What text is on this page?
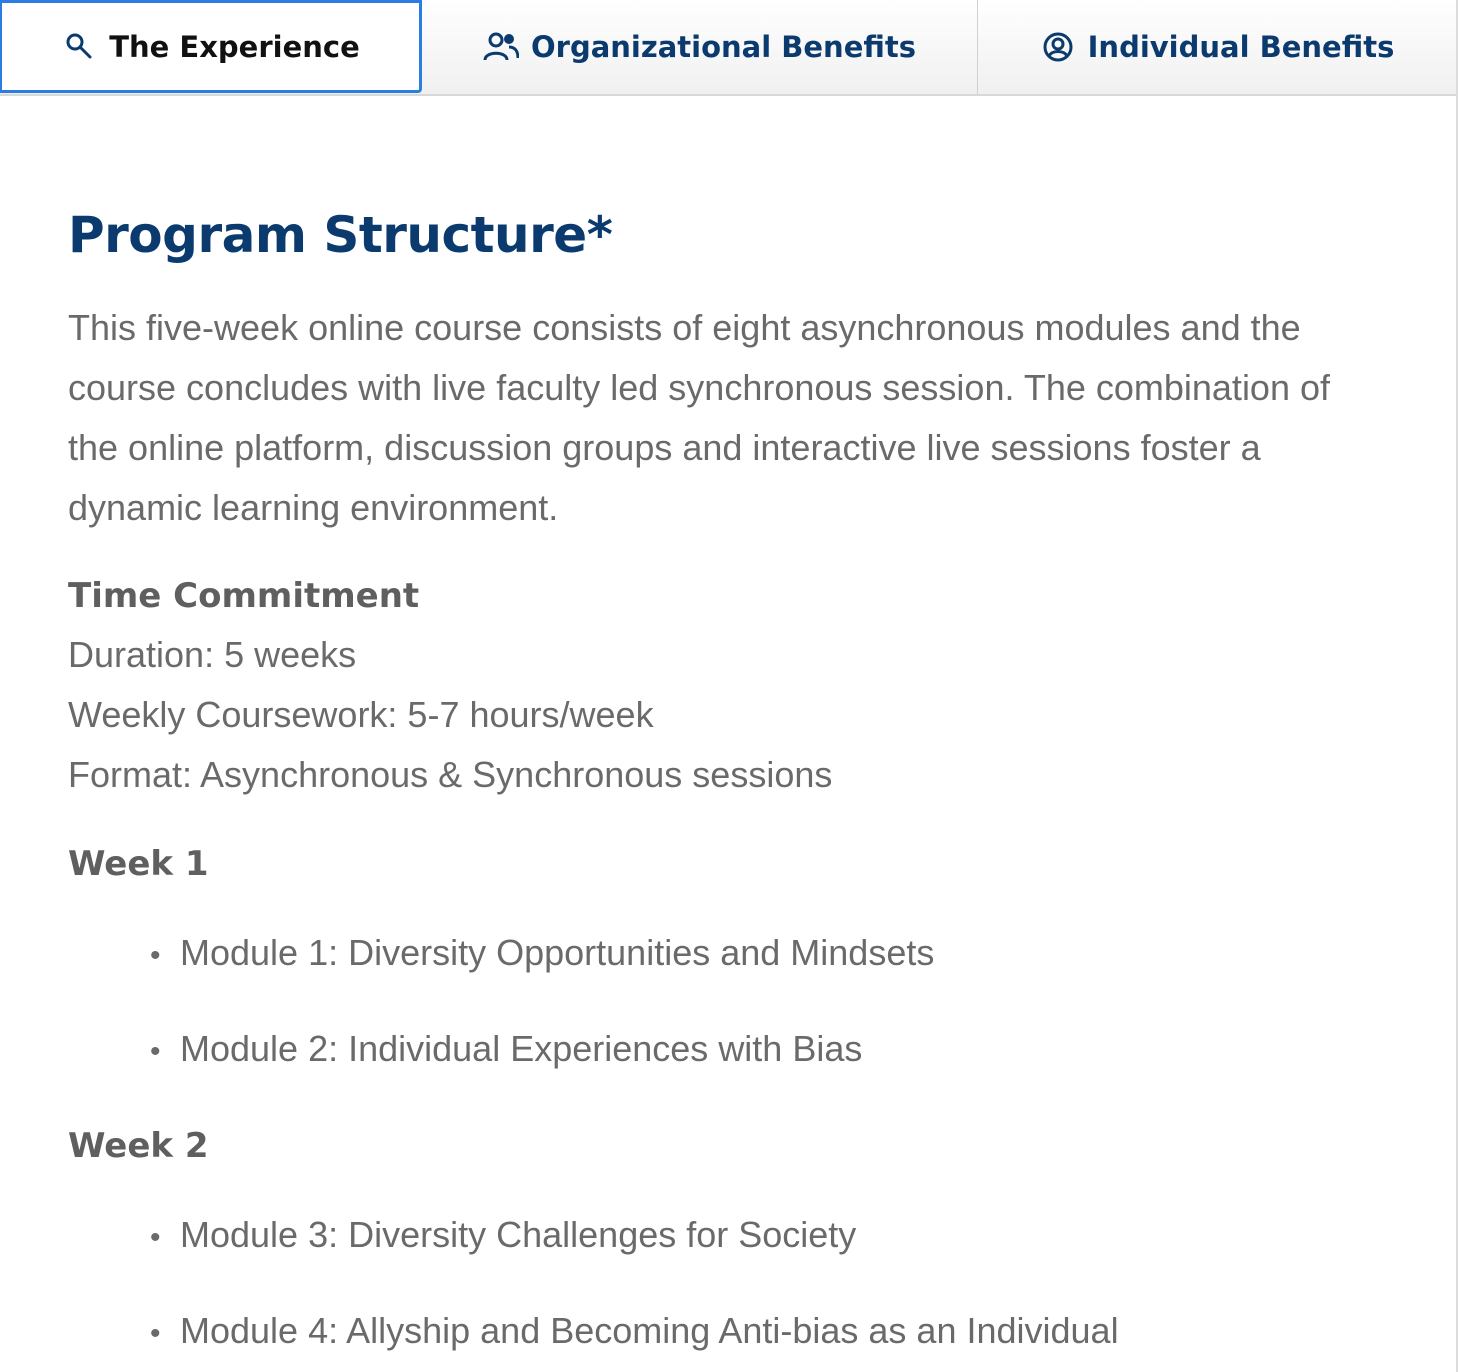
The Experience	Organizational Benefits	Individual Benefits
Program Structure*

This five-week online course consists of eight asynchronous modules and the course concludes with live faculty led synchronous session. The combination of the online platform, discussion groups and interactive live sessions foster a dynamic learning environment.

Time Commitment
Duration: 5 weeks
Weekly Coursework: 5-7 hours/week
Format: Asynchronous & Synchronous sessions
Week 1
• Module 1: Diversity Opportunities and Mindsets
• Module 2: Individual Experiences with Bias
Week 2
• Module 3: Diversity Challenges for Society
• Module 4: Allyship and Becoming Anti-bias as an Individual
